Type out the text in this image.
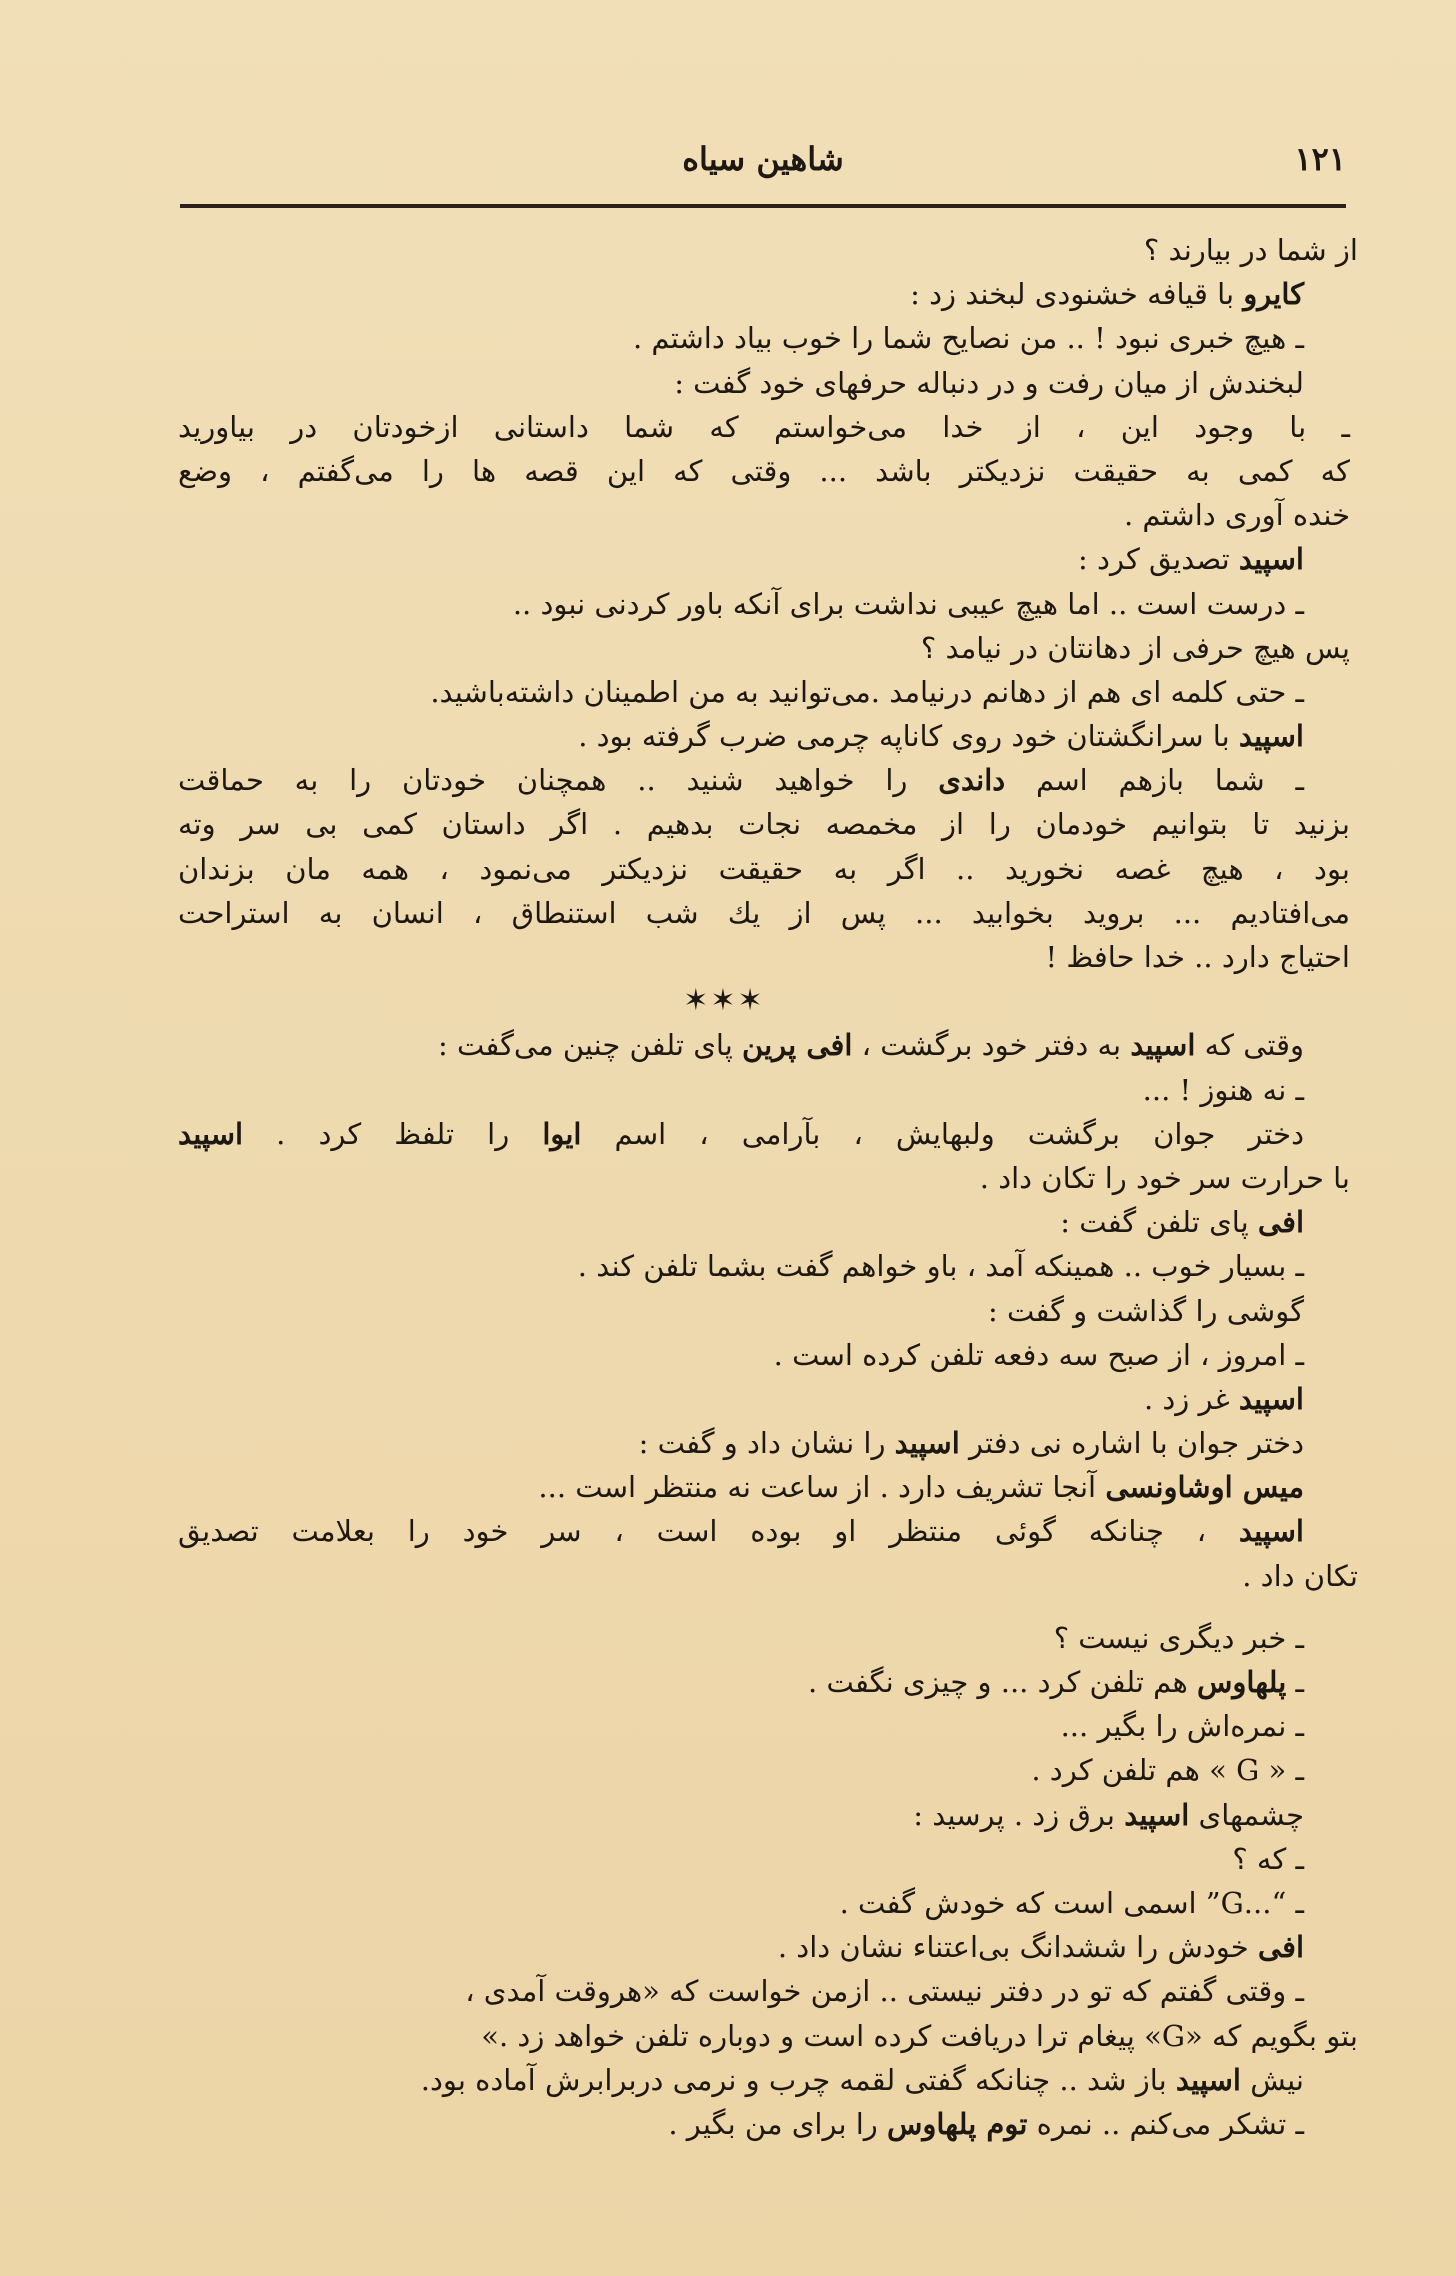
شاهین سیاه	۱۲۱
از شما در بیارند ؟
کایرو با قیافه خشنودی لبخند زد :
ـ هیچ خبری نبود ! .. من نصایح شما را خوب بیاد داشتم .
لبخندش از میان رفت و در دنباله حرفهای خود گفت :
ـ با وجود این ، از خدا می‌خواستم که شما داستانی ازخودتان در بیاورید
که کمی به حقیقت نزدیکتر باشد ... وقتی که این قصه ها را می‌گفتم ، وضع
خنده آوری داشتم .
اسپید تصدیق کرد :
ـ درست است .. اما هیچ عیبی نداشت برای آنکه باور کردنی نبود ..
پس هیچ حرفی از دهانتان در نیامد ؟
ـ حتی کلمه ای هم از دهانم درنیامد .می‌توانید به من اطمینان داشته‌باشید.
اسپید با سرانگشتان خود روی کاناپه چرمی ضرب گرفته بود .
ـ شما بازهم اسم داندی را خواهید شنید .. همچنان خودتان را به حماقت
بزنید تا بتوانیم خودمان را از مخمصه نجات بدهیم . اگر داستان کمی بی سر وته
بود ، هیچ غصه نخورید .. اگر به حقیقت نزدیکتر می‌نمود ، همه مان بزندان
می‌افتادیم ... بروید بخوابید ... پس از یك شب استنطاق ، انسان به استراحت
احتیاج دارد .. خدا حافظ !
✶✶✶
وقتی که اسپید به دفتر خود برگشت ، افی پرین پای تلفن چنین می‌گفت :
ـ نه هنوز ! ...
دختر جوان برگشت ولبهایش ، بآرامی ، اسم ایوا را تلفظ کرد . اسپید
با حرارت سر خود را تکان داد .
افی پای تلفن گفت :
ـ بسیار خوب .. همینکه آمد ، باو خواهم گفت بشما تلفن کند .
گوشی را گذاشت و گفت :
ـ امروز ، از صبح سه دفعه تلفن کرده است .
اسپید غر زد .
دختر جوان با اشاره نی دفتر اسپید را نشان داد و گفت :
میس اوشاونسی آنجا تشریف دارد . از ساعت نه منتظر است ...
اسپید ، چنانکه گوئی منتظر او بوده است ، سر خود را بعلامت تصدیق
تکان داد .
ـ خبر دیگری نیست ؟
ـ پلهاوس هم تلفن کرد ... و چیزی نگفت .
ـ نمره‌اش را بگیر ...
ـ « G » هم تلفن کرد .
چشمهای اسپید برق زد . پرسید :
ـ که ؟
ـ “...G” اسمی است که خودش گفت .
افی خودش را ششدانگ بی‌اعتناء نشان داد .
ـ وقتی گفتم که تو در دفتر نیستی .. ازمن خواست که «هروقت آمدی ،
بتو بگویم که «G» پیغام ترا دریافت کرده است و دوباره تلفن خواهد زد .»
نیش اسپید باز شد .. چنانکه گفتی لقمه چرب و نرمی دربرابرش آماده بود.
ـ تشکر می‌کنم .. نمره توم پلهاوس را برای من بگیر .
